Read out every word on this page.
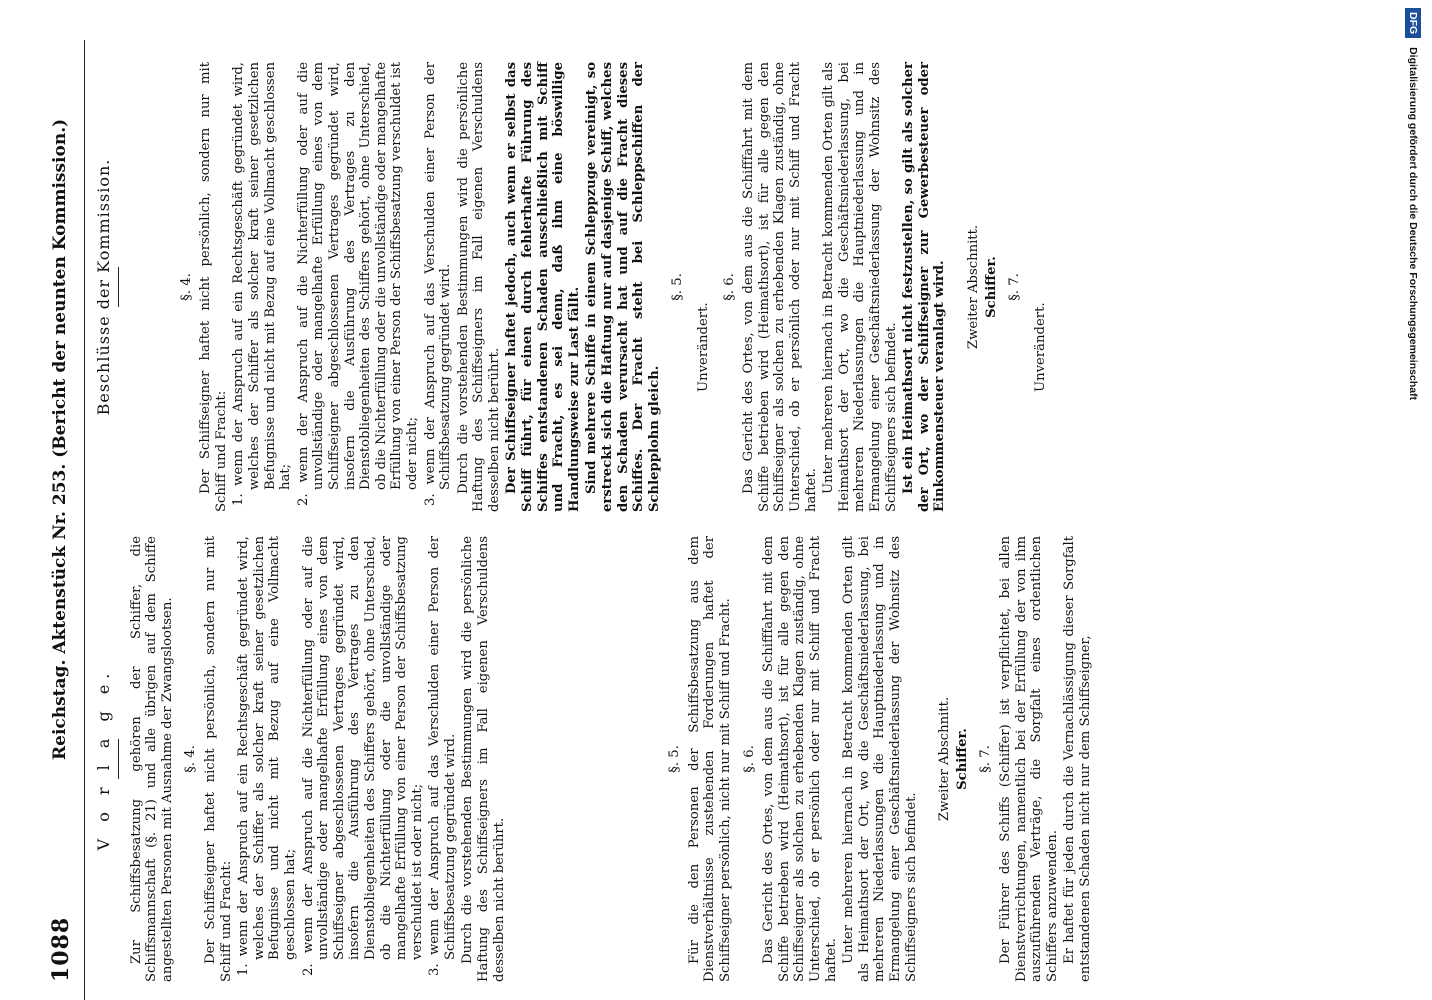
1088
Reichstag. Aktenstück Nr. 253. (Bericht der neunten Kommission.) V o r l a g e. Zur Schiffsbesatzung gehören der Schiffer, die Schiffsmannschaft (§. 21) und alle übrigen auf dem Schiffe angestellten Personen mit Ausnahme der Zwangslootsen. §. 4. Der Schiffseigner haftet nicht persönlich, sondern nur mit Schiff und Fracht: 1. wenn der Anspruch auf ein Rechtsgeschäft gegründet wird, welches der Schiffer als solcher kraft seiner gesetzlichen Befugnisse und nicht mit Bezug auf eine Vollmacht geschlossen hat; 2. wenn der Anspruch auf die Nichterfüllung oder auf die unvollständige oder mangelhafte Erfüllung eines von dem Schiffseigner abgeschlossenen Vertrages gegründet wird, insofern die Ausführung des Vertrages zu den Dienstobliegenheiten des Schiffers gehört, ohne Unterschied, ob die Nichterfüllung oder die unvollständige oder mangelhafte Erfüllung von einer Person der Schiffsbesatzung verschuldet ist oder nicht; 3. wenn der Anspruch auf das Verschulden einer Person der Schiffsbesatzung gegründet wird. Durch die vorstehenden Bestimmungen wird die persönliche Haftung des Schiffseigners im Fall eigenen Verschuldens desselben nicht berührt.

§. 5. Für die den Personen der Schiffsbesatzung aus dem Dienstverhältnisse zustehenden Forderungen haftet der Schiffseigner persönlich, nicht nur mit Schiff und Fracht. §. 6. Das Gericht des Ortes, von dem aus die Schifffahrt mit dem Schiffe betrieben wird (Heimathsort), ist für alle gegen den Schiffseigner als solchen zu erhebenden Klagen zuständig, ohne Unterschied, ob er persönlich oder nur mit Schiff und Fracht haftet. Unter mehreren hiernach in Betracht kommenden Orten gilt als Heimathsort der Ort, wo die Geschäftsniederlassung, bei mehreren Niederlassungen die Hauptniederlassung und in Ermangelung einer Geschäftsniederlassung der Wohnsitz des Schiffseigners sich befindet.

Zweiter Abschnitt. Schiffer. §. 7. Der Führer des Schiffs (Schiffer) ist verpflichtet, bei allen Dienstverrichtungen, namentlich bei der Erfüllung der von ihm auszuführenden Verträge, die Sorgfalt eines ordentlichen Schiffers anzuwenden. Er haftet für jeden durch die Vernachlässigung dieser Sorgfalt entstandenen Schaden nicht nur dem Schiffseigner,

Beschlüsse der Kommission.	§. 4. Der Schiffseigner haftet nicht persönlich, sondern nur mit Schiff und Fracht: 1. wenn der Anspruch auf ein Rechtsgeschäft gegründet wird, welches der Schiffer als solcher kraft seiner gesetzlichen Befugnisse und nicht mit Bezug auf eine Vollmacht geschlossen hat; 2. wenn der Anspruch auf die Nichterfüllung oder auf die unvollständige oder mangelhafte Erfüllung eines von dem Schiffseigner abgeschlossenen Vertrages gegründet wird, insofern die Ausführung des Vertrages zu den Dienstobliegenheiten des Schiffers gehört, ohne Unterschied, ob die Nichterfüllung oder die unvollständige oder mangelhafte Erfüllung von einer Person der Schiffsbesatzung verschuldet ist oder nicht; 3. wenn der Anspruch auf das Verschulden einer Person der Schiffsbesatzung gegründet wird. Durch die vorstehenden Bestimmungen wird die persönliche Haftung des Schiffseigners im Fall eigenen Verschuldens desselben nicht berührt. Der Schiffseigner haftet jedoch, auch wenn er selbst das Schiff führt, für einen durch fehlerhafte Führung des Schiffes entstandenen Schaden ausschließlich mit Schiff und Fracht, es sei denn, daß ihm eine böswillige Handlungsweise zur Last fällt. Sind mehrere Schiffe in einem Schleppzuge vereinigt, so erstreckt sich die Haftung nur auf dasjenige Schiff, welches den Schaden verursacht hat und auf die Fracht dieses Schiffes. Der Fracht steht bei Schleppschiffen der Schlepplohn gleich.

§. 5.
Unverändert.
§. 6. Das Gericht des Ortes, von dem aus die Schifffahrt mit dem Schiffe betrieben wird (Heimathsort), ist für alle gegen den Schiffseigner als solchen zu erhebenden Klagen zuständig, ohne Unterschied, ob er persönlich oder nur mit Schiff und Fracht haftet. Unter mehreren hiernach in Betracht kommenden Orten gilt als Heimathsort der Ort, wo die Geschäftsniederlassung, bei mehreren Niederlassungen die Hauptniederlassung und in Ermangelung einer Geschäftsniederlassung der Wohnsitz des Schiffseigners sich befindet. Ist ein Heimathsort nicht festzustellen, so gilt als solcher der Ort, wo der Schiffseigner zur Gewerbesteuer oder Einkommensteuer veranlagt wird. Zweiter Abschnitt. Schiffer. §. 7.
Unverändert.
DFG Digitalisierung gefördert durch die Deutsche Forschungsgemeinschaft
